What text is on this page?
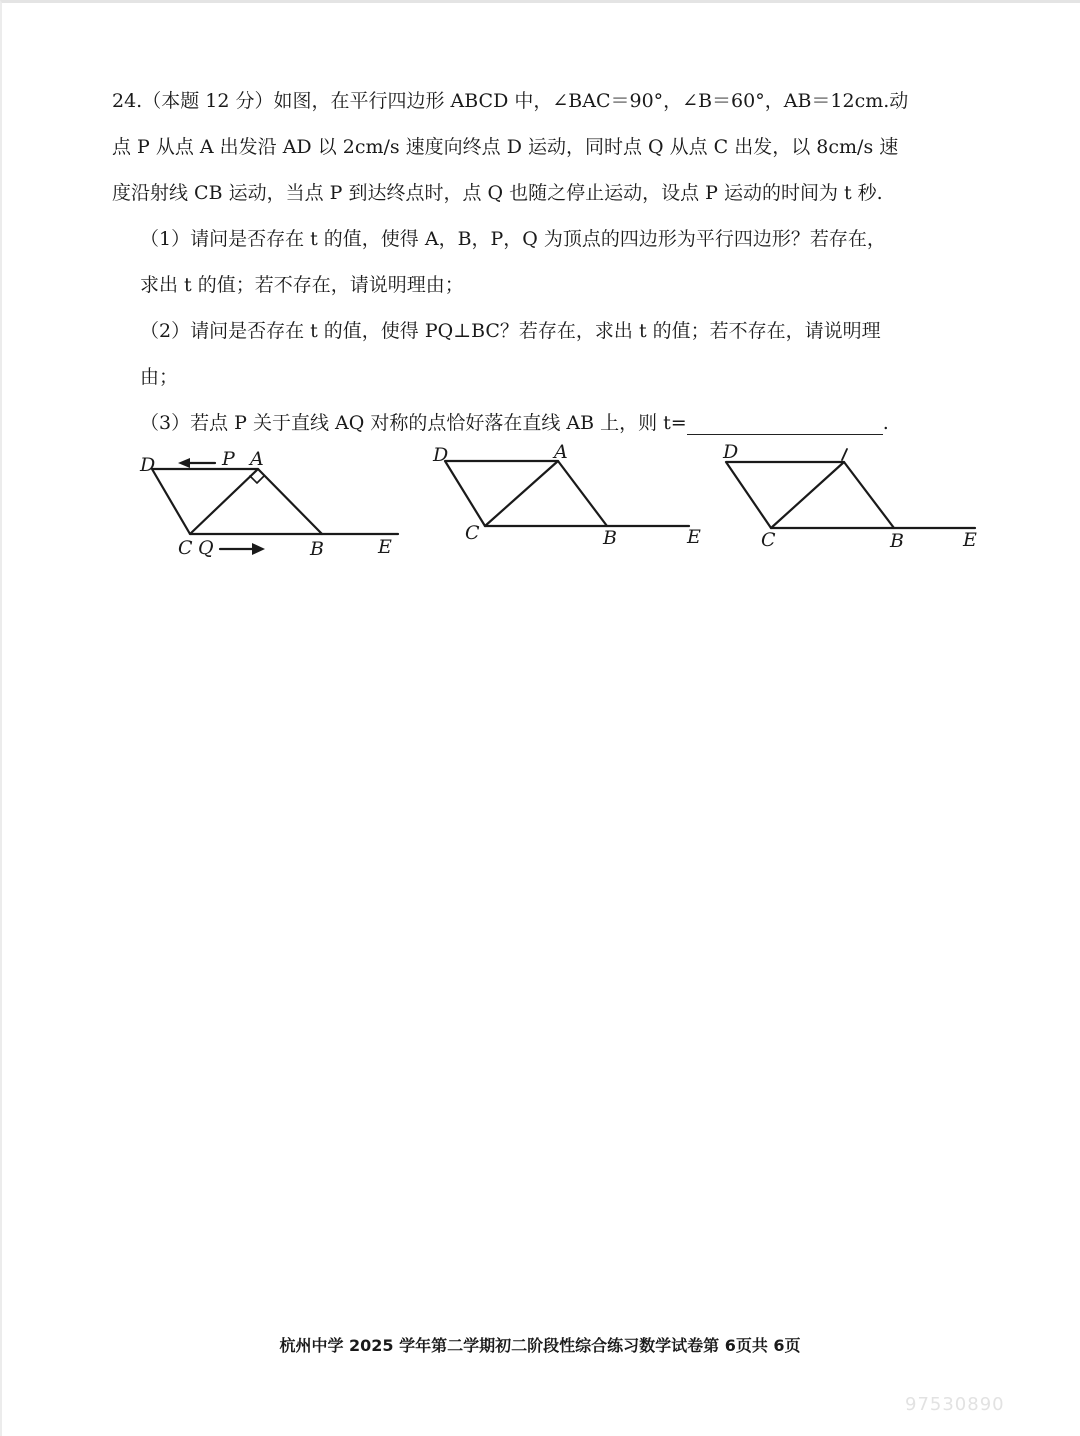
24.（本题 12 分）如图，在平行四边形 ABCD 中，∠BAC＝90°，∠B＝60°，AB＝12cm.动
点 P 从点 A 出发沿 AD 以 2cm/s 速度向终点 D 运动，同时点 Q 从点 C 出发，以 8cm/s 速
度沿射线 CB 运动，当点 P 到达终点时，点 Q 也随之停止运动，设点 P 运动的时间为 t 秒.
（1）请问是否存在 t 的值，使得 A，B，P，Q 为顶点的四边形为平行四边形？若存在，
求出 t 的值；若不存在，请说明理由；
（2）请问是否存在 t 的值，使得 PQ⊥BC？若存在，求出 t 的值；若不存在，请说明理
由；
（3）若点 P 关于直线 AQ 对称的点恰好落在直线 AB 上，则 t=	.
D	P A
C Q	B	E
D	A
C	B	E
D
C	B	E
杭州中学 2025 学年第二学期初二阶段性综合练习数学试卷第 6页共 6页
97530890
